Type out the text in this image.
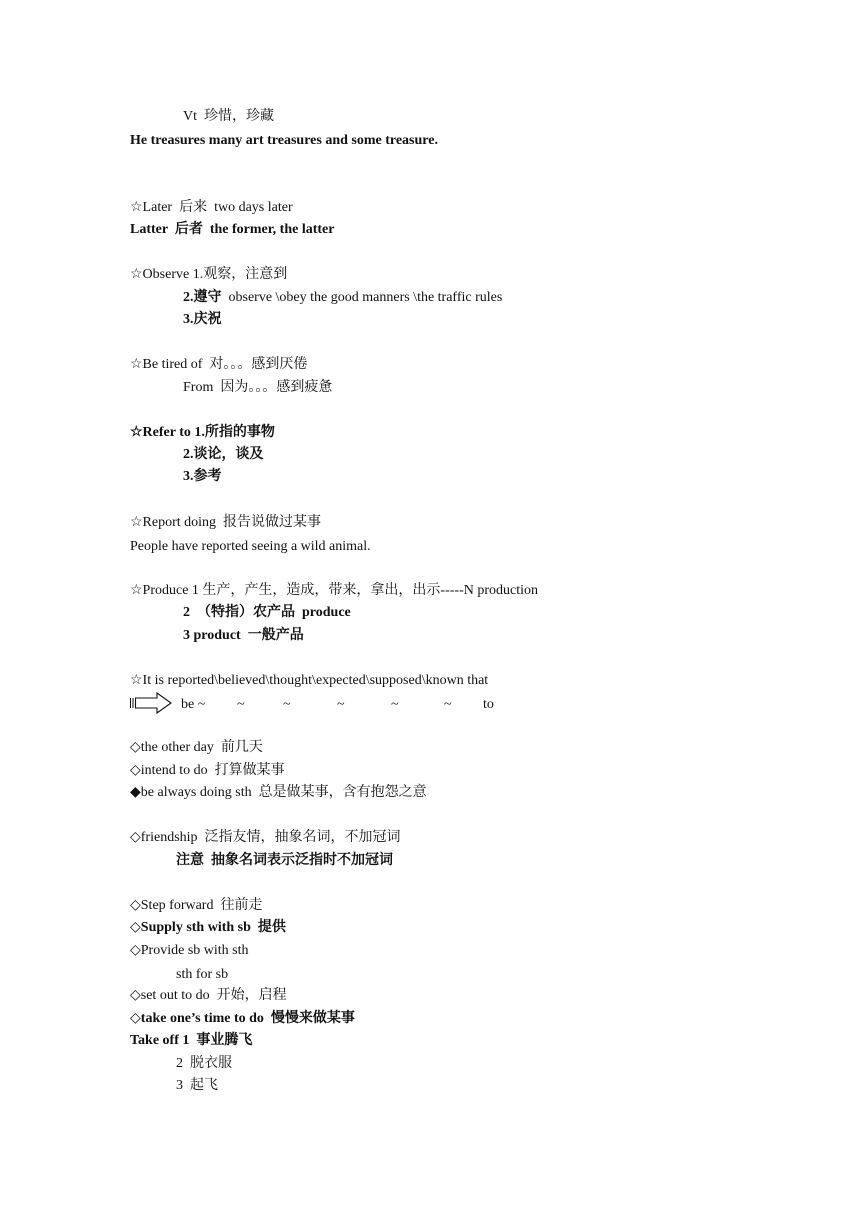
Vt  珍惜，珍藏
He treasures many art treasures and some treasure.
☆Later  后来  two days later
Latter  后者  the former, the latter
☆Observe 1.观察，注意到
2.遵守  observe \obey the good manners \the traffic rules
3.庆祝
☆Be tired of  对。。。感到厌倦
From  因为。。。感到疲惫
☆Refer to 1.所指的事物
2.谈论，谈及
3.参考
☆Report doing  报告说做过某事
People have reported seeing a wild animal.
☆Produce 1 生产，产生，造成，带来，拿出，出示-----N production
2  （特指）农产品  produce
3 product  一般产品
☆It is reported\believed\thought\expected\supposed\known that
be ~ ~	~	~	~	~ to
◇the other day  前几天
◇intend to do  打算做某事
◆be always doing sth  总是做某事，含有抱怨之意
◇friendship  泛指友情，抽象名词，不加冠词
注意  抽象名词表示泛指时不加冠词
◇Step forward  往前走
◇Supply sth with sb  提供
◇Provide sb with sth
sth for sb
◇set out to do  开始，启程
◇take one’s time to do  慢慢来做某事
Take off 1  事业腾飞
2  脱衣服
3  起飞
